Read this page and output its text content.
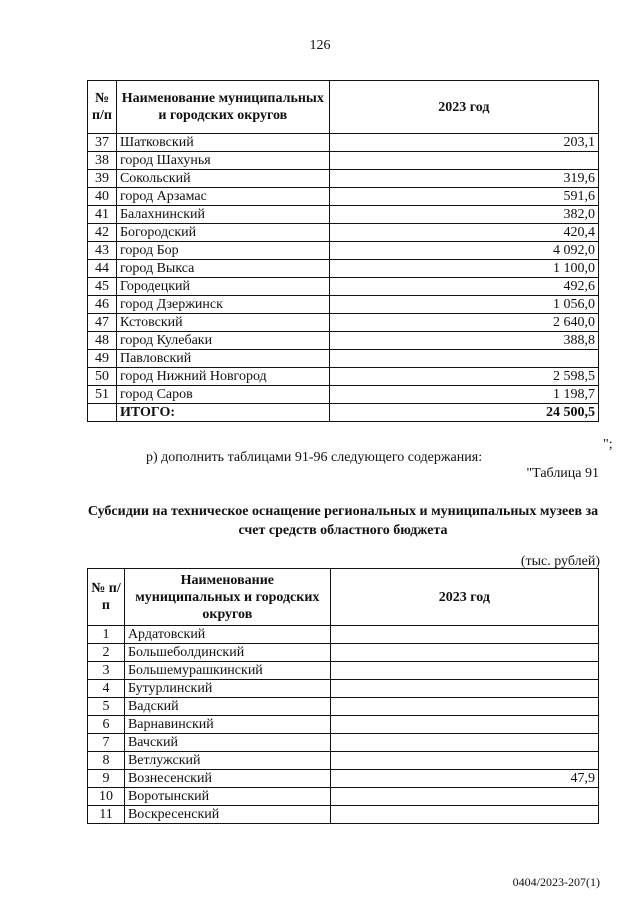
126
№ п/п	Наименование муниципальных и городских округов	2023 год
37	Шатковский	203,1
38	город Шахунья	
39	Сокольский	319,6
40	город Арзамас	591,6
41	Балахнинский	382,0
42	Богородский	420,4
43	город Бор	4 092,0
44	город Выкса	1 100,0
45	Городецкий	492,6
46	город Дзержинск	1 056,0
47	Кстовский	2 640,0
48	город Кулебаки	388,8
49	Павловский	
50	город Нижний Новгород	2 598,5
51	город Саров	1 198,7
	ИТОГО:	24 500,5
";
р) дополнить таблицами 91-96 следующего содержания:
"Таблица 91
Субсидии на техническое оснащение региональных и муниципальных музеев за счет средств областного бюджета
(тыс. рублей)
№ п/п	Наименование муниципальных и городских округов	2023 год
1	Ардатовский	
2	Большеболдинский	
3	Большемурашкинский	
4	Бутурлинский	
5	Вадский	
6	Варнавинский	
7	Вачский	
8	Ветлужский	
9	Вознесенский	47,9
10	Воротынский	
11	Воскресенский	
0404/2023-207(1)
